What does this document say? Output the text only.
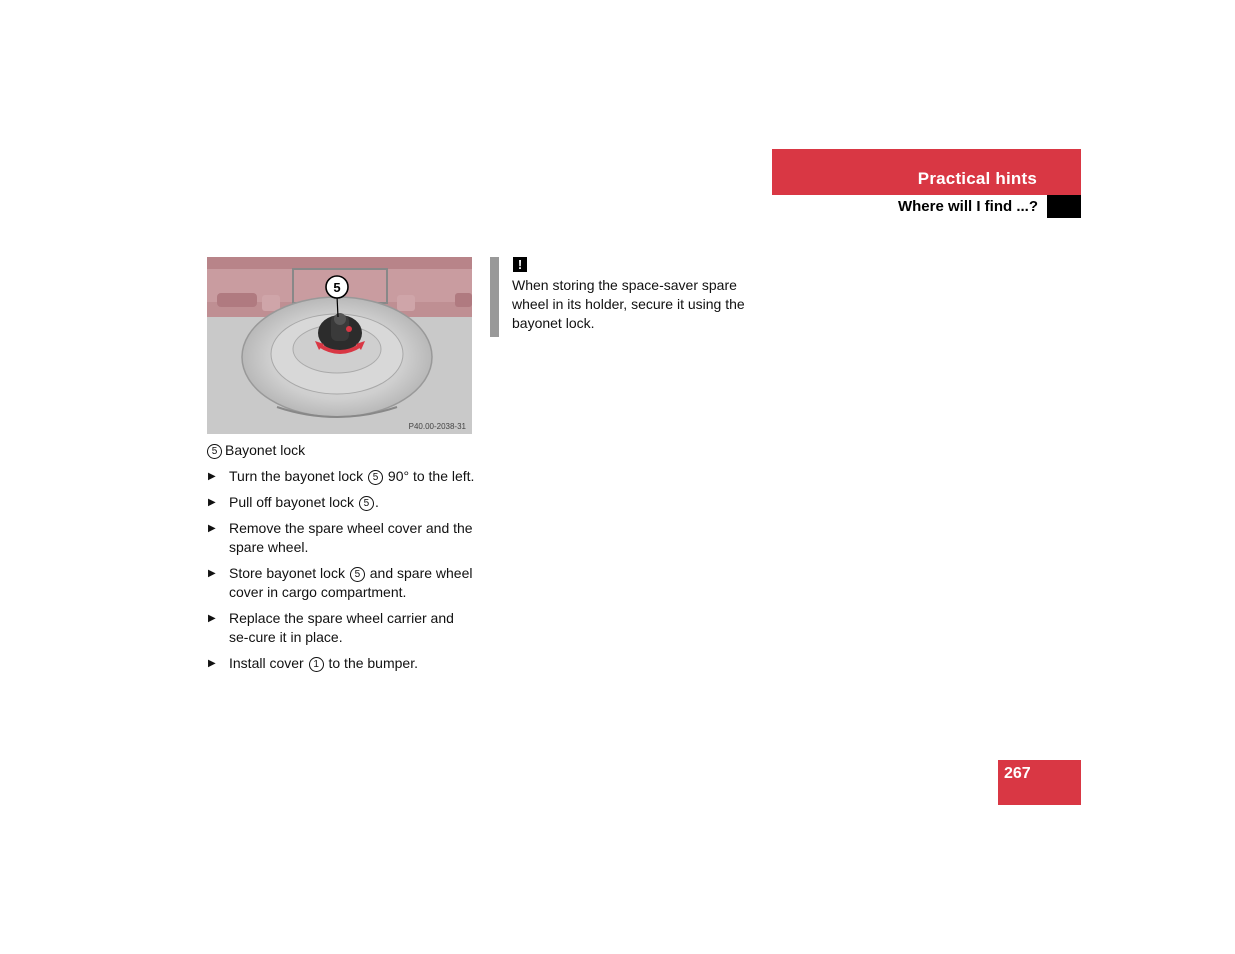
Practical hints
Where will I find ...?
5
P40.00-2038-31
5 Bayonet lock
▶ Turn the bayonet lock 5 90° to the left.
▶ Pull off bayonet lock 5 .
▶ Remove the spare wheel cover and the spare wheel.
▶ Store bayonet lock 5 and spare wheel cover in cargo compartment.
▶ Replace the spare wheel carrier and se-cure it in place.
▶ Install cover 1 to the bumper.
!
When storing the space-saver spare wheel in its holder, secure it using the bayonet lock.
267
